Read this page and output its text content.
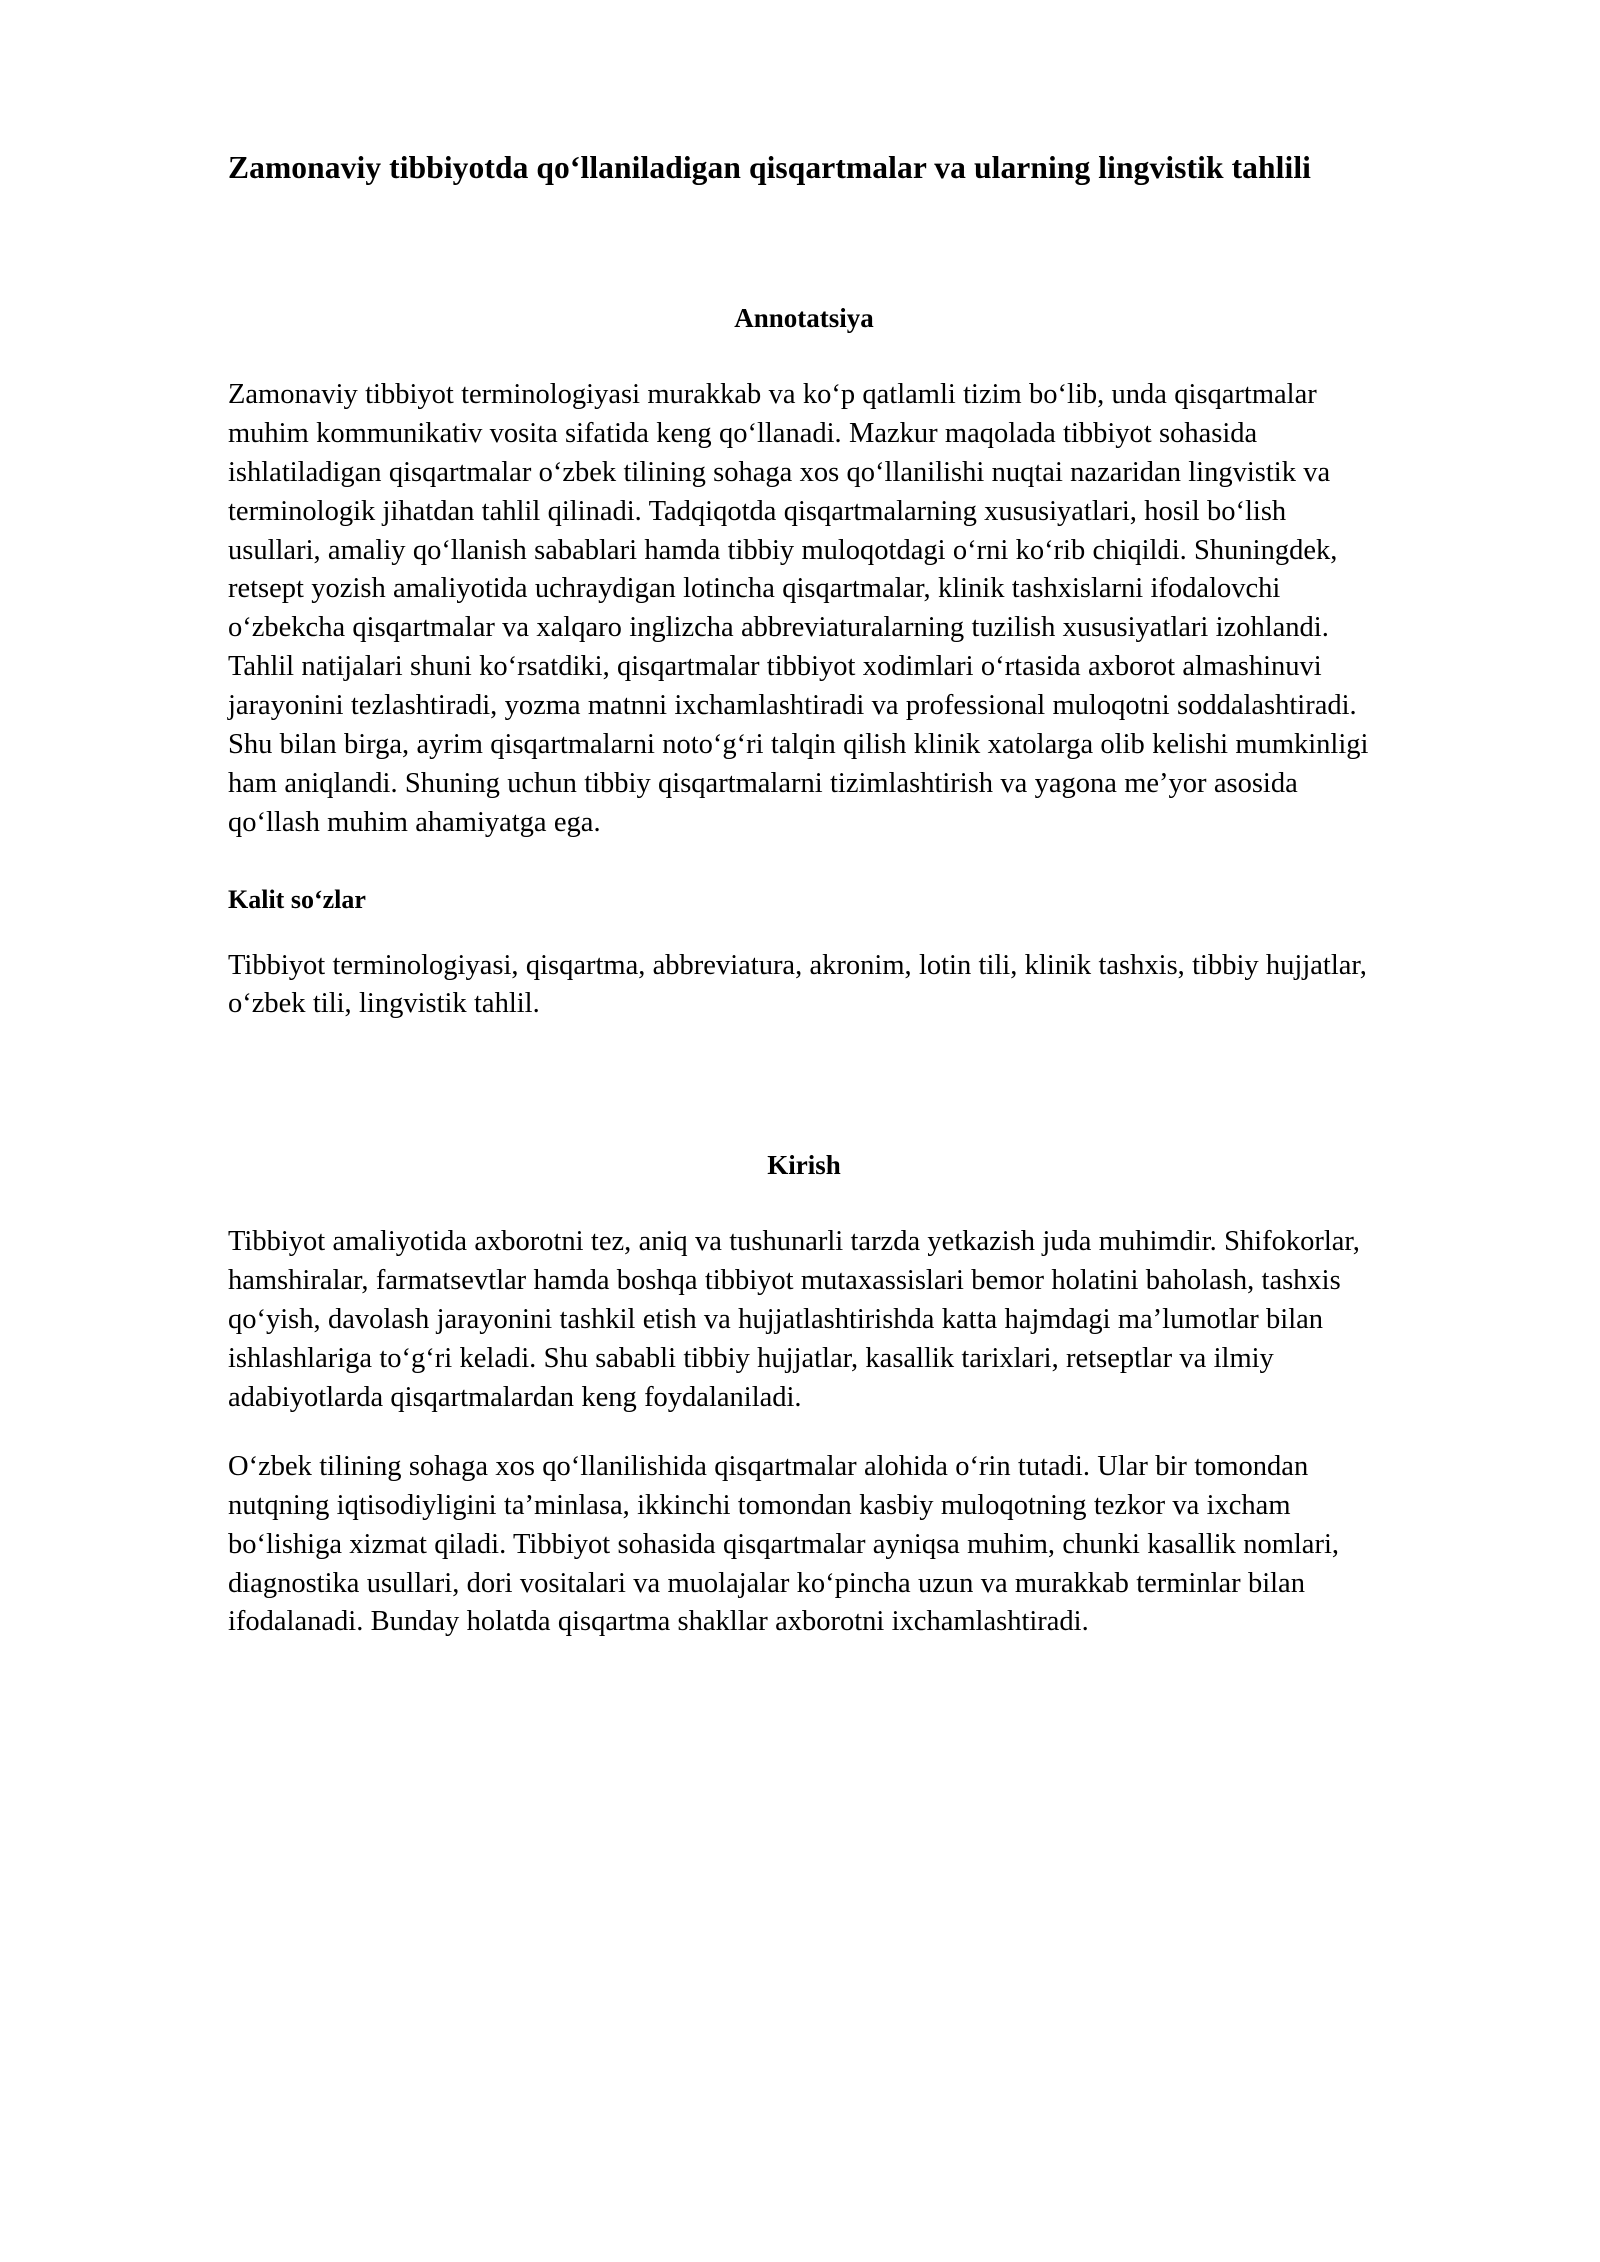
Zamonaviy tibbiyotda qo‘llaniladigan qisqartmalar va ularning lingvistik tahlili
Annotatsiya

Zamonaviy tibbiyot terminologiyasi murakkab va ko‘p qatlamli tizim bo‘lib, unda qisqartmalar muhim kommunikativ vosita sifatida keng qo‘llanadi. Mazkur maqolada tibbiyot sohasida ishlatiladigan qisqartmalar o‘zbek tilining sohaga xos qo‘llanilishi nuqtai nazaridan lingvistik va terminologik jihatdan tahlil qilinadi. Tadqiqotda qisqartmalarning xususiyatlari, hosil bo‘lish usullari, amaliy qo‘llanish sabablari hamda tibbiy muloqotdagi o‘rni ko‘rib chiqildi. Shuningdek, retsept yozish amaliyotida uchraydigan lotincha qisqartmalar, klinik tashxislarni ifodalovchi o‘zbekcha qisqartmalar va xalqaro inglizcha abbreviaturalarning tuzilish xususiyatlari izohlandi. Tahlil natijalari shuni ko‘rsatdiki, qisqartmalar tibbiyot xodimlari o‘rtasida axborot almashinuvi jarayonini tezlashtiradi, yozma matnni ixchamlashtiradi va professional muloqotni soddalashtiradi. Shu bilan birga, ayrim qisqartmalarni noto‘g‘ri talqin qilish klinik xatolarga olib kelishi mumkinligi ham aniqlandi. Shuning uchun tibbiy qisqartmalarni tizimlashtirish va yagona me’yor asosida qo‘llash muhim ahamiyatga ega.

Kalit so‘zlar

Tibbiyot terminologiyasi, qisqartma, abbreviatura, akronim, lotin tili, klinik tashxis, tibbiy hujjatlar, o‘zbek tili, lingvistik tahlil.

Kirish

Tibbiyot amaliyotida axborotni tez, aniq va tushunarli tarzda yetkazish juda muhimdir. Shifokorlar, hamshiralar, farmatsevtlar hamda boshqa tibbiyot mutaxassislari bemor holatini baholash, tashxis qo‘yish, davolash jarayonini tashkil etish va hujjatlashtirishda katta hajmdagi ma’lumotlar bilan ishlashlariga to‘g‘ri keladi. Shu sababli tibbiy hujjatlar, kasallik tarixlari, retseptlar va ilmiy adabiyotlarda qisqartmalardan keng foydalaniladi.

O‘zbek tilining sohaga xos qo‘llanilishida qisqartmalar alohida o‘rin tutadi. Ular bir tomondan nutqning iqtisodiyligini ta’minlasa, ikkinchi tomondan kasbiy muloqotning tezkor va ixcham bo‘lishiga xizmat qiladi. Tibbiyot sohasida qisqartmalar ayniqsa muhim, chunki kasallik nomlari, diagnostika usullari, dori vositalari va muolajalar ko‘pincha uzun va murakkab terminlar bilan ifodalanadi. Bunday holatda qisqartma shakllar axborotni ixchamlashtiradi.
